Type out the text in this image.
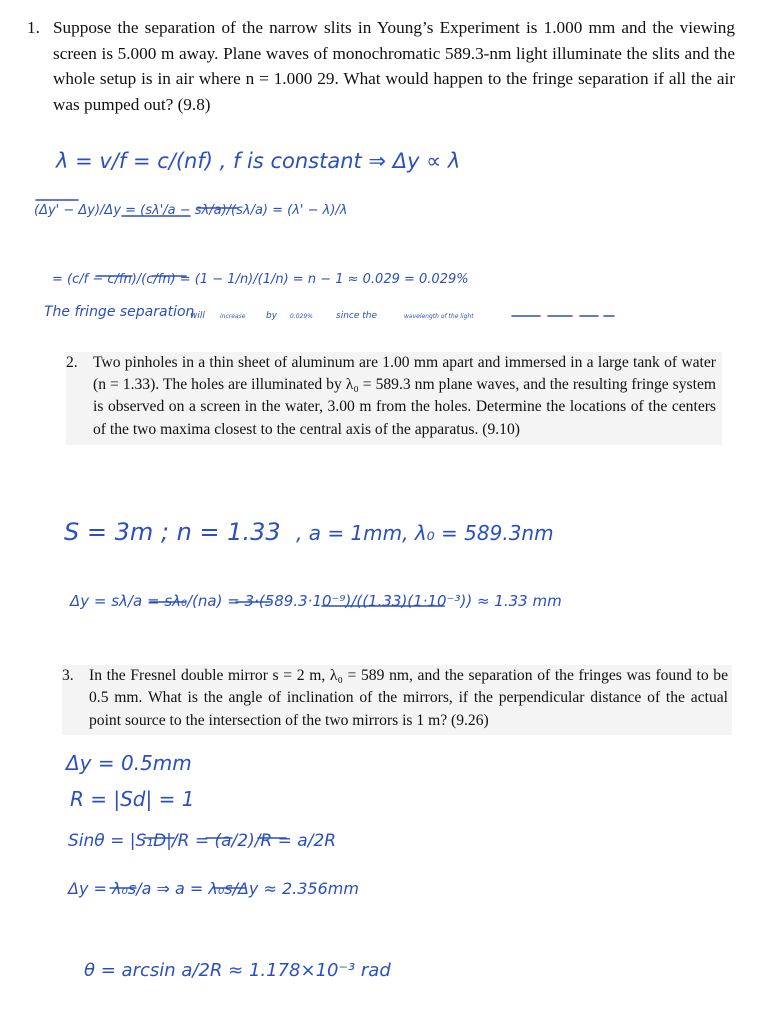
1. Suppose the separation of the narrow slits in Young’s Experiment is 1.000 mm and the viewing screen is 5.000 m away. Plane waves of monochromatic 589.3-nm light illuminate the slits and the whole setup is in air where n = 1.000 29. What would happen to the fringe separation if all the air was pumped out? (9.8)
2. Two pinholes in a thin sheet of aluminum are 1.00 mm apart and immersed in a large tank of water (n = 1.33). The holes are illuminated by λ₀ = 589.3 nm plane waves, and the resulting fringe system is observed on a screen in the water, 3.00 m from the holes. Determine the locations of the centers of the two maxima closest to the central axis of the apparatus. (9.10)
3. In the Fresnel double mirror s = 2 m, λ₀ = 589 nm, and the separation of the fringes was found to be 0.5 mm. What is the angle of inclination of the mirrors, if the perpendicular distance of the actual point source to the intersection of the two mirrors is 1 m? (9.26)
λ = v/f = c/(nf) , f is constant ⇒ Δy ∝ λ
(Δy' − Δy)/Δy = (sλ'/a − sλ/a)/(sλ/a) = (λ' − λ)/λ
= (c/f − c/fn)/(c/fn) = (1 − 1/n)/(1/n) = n − 1 ≈ 0.029 = 0.029%
The fringe separation
will	increase by 0.029%	since the	wavelength of the light
S = 3m ; n = 1.33 , a = 1mm, λ₀ = 589.3nm
Δy = sλ/a = sλ₀/(na) = 3·(589.3·10⁻⁹)/((1.33)(1·10⁻³)) ≈ 1.33 mm
Δy = 0.5mm
R = |Sd| = 1
Sinθ = |S₁D|/R = (a/2)/R = a/2R
Δy = λ₀s/a ⇒ a = λ₀s/Δy ≈ 2.356mm
θ = arcsin a/2R ≈ 1.178×10⁻³ rad
